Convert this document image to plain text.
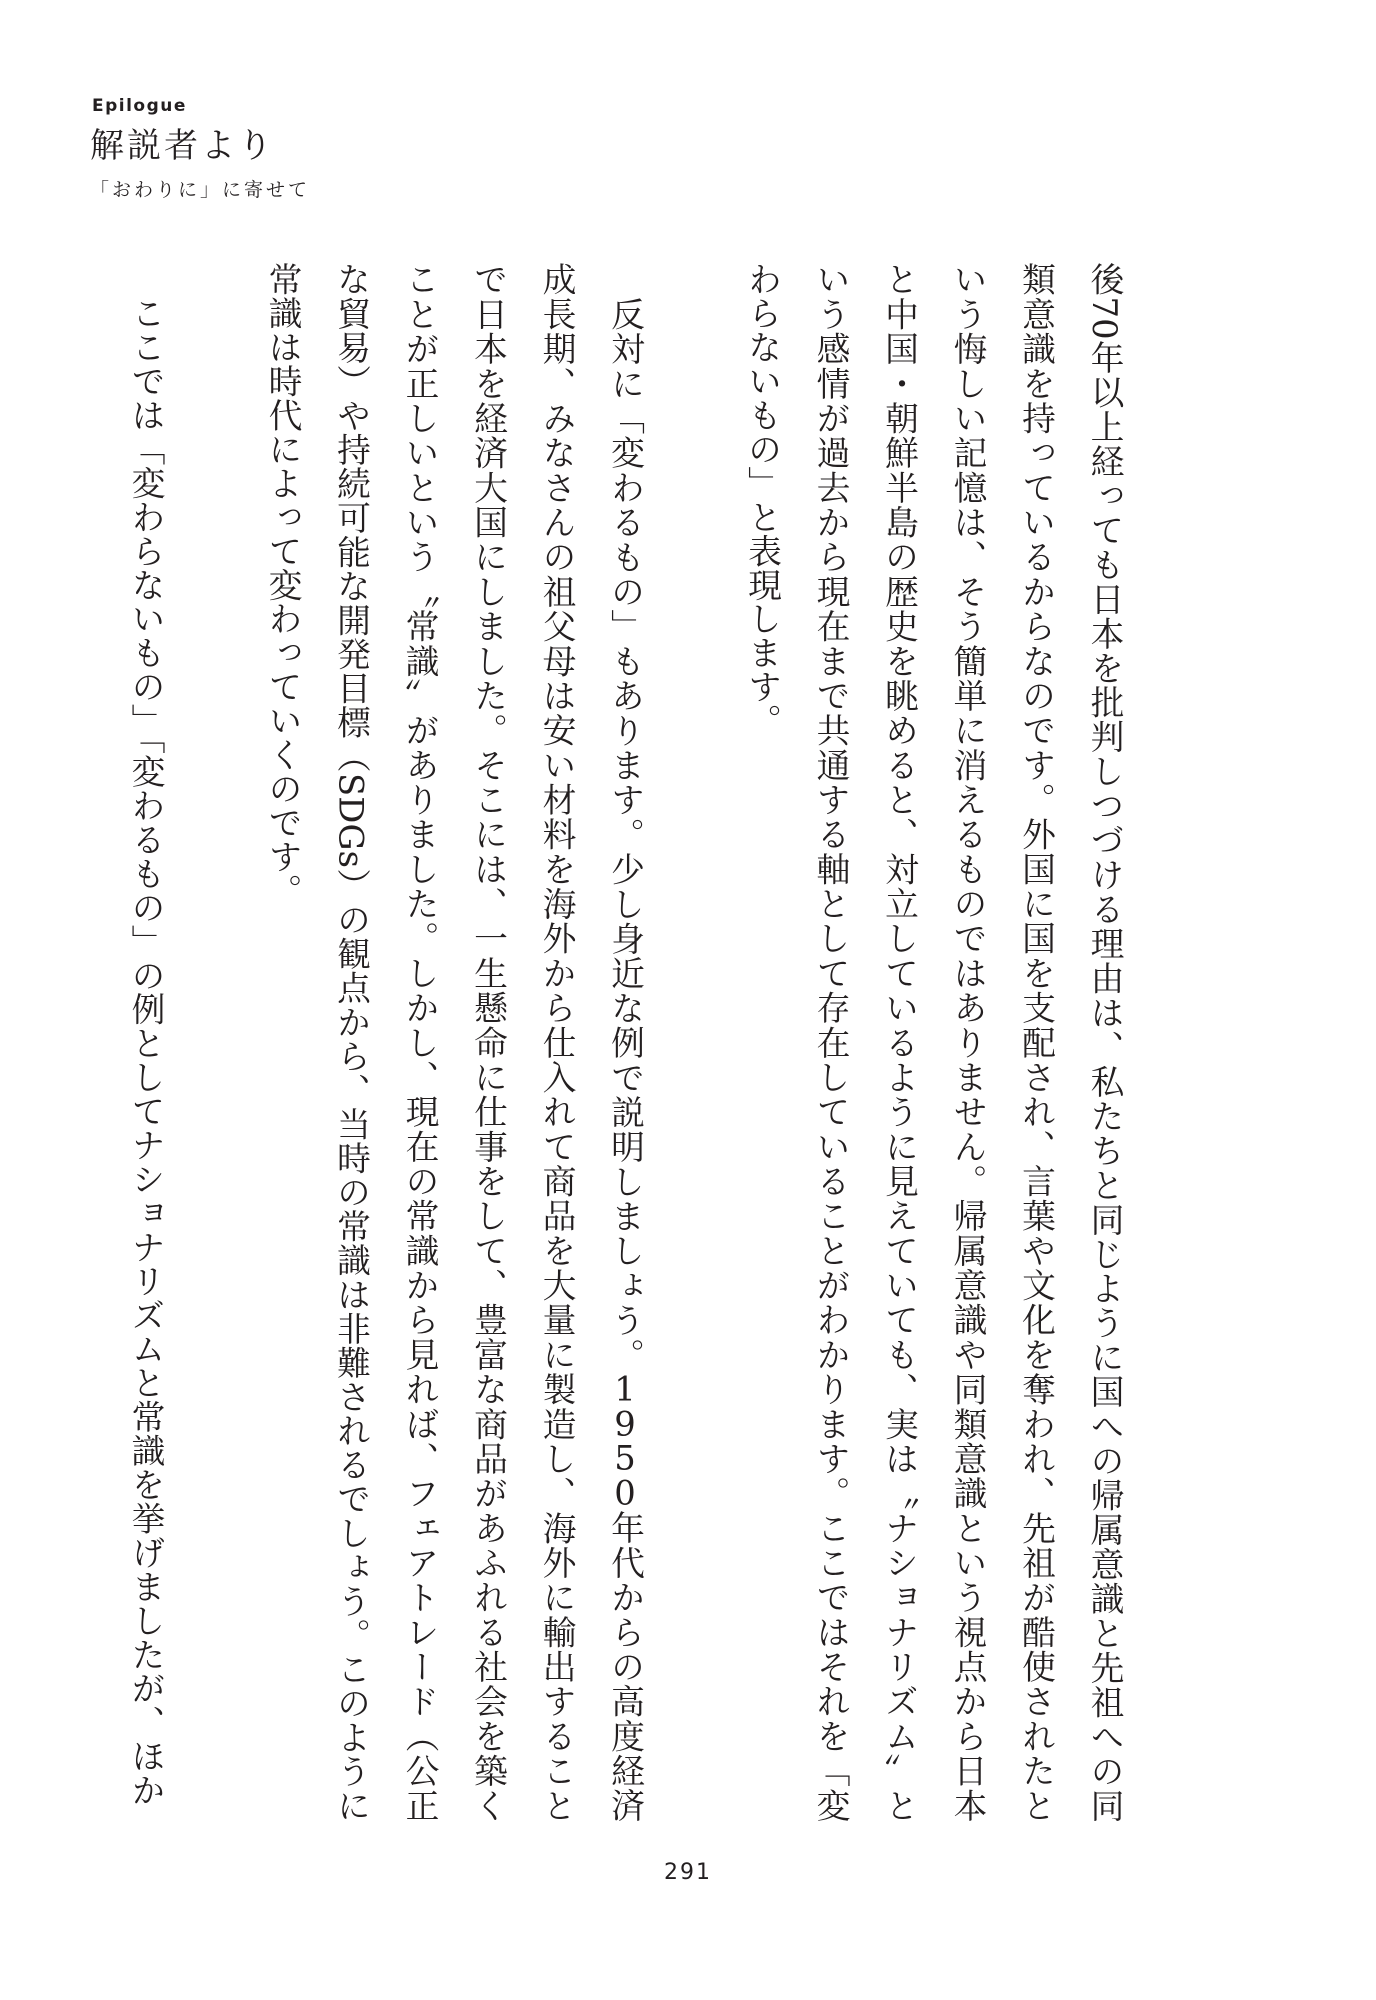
Epilogue
解説者より
「おわりに」に寄せて

後70年以上経っても日本を批判しつづける理由は、私たちと同じように国への帰属意識と先祖への同類意識を持っているからなのです。外国に国を支配され、言葉や文化を奪われ、先祖が酷使されたという悔しい記憶は、そう簡単に消えるものではありません。帰属意識や同類意識という視点から日本と中国・朝鮮半島の歴史を眺めると、対立しているように見えていても、実は〝ナショナリズム〟という感情が過去から現在まで共通する軸として存在していることがわかります。ここではそれを「変わらないもの」と表現します。

　反対に「変わるもの」もあります。少し身近な例で説明しましょう。1950年代からの高度経済成長期、みなさんの祖父母は安い材料を海外から仕入れて商品を大量に製造し、海外に輸出することで日本を経済大国にしました。そこには、一生懸命に仕事をして、豊富な商品があふれる社会を築くことが正しいという〝常識〟がありました。しかし、現在の常識から見れば、フェアトレード（公正な貿易）や持続可能な開発目標（SDGs）の観点から、当時の常識は非難されるでしょう。このように常識は時代によって変わっていくのです。

　ここでは「変わらないもの」「変わるもの」の例としてナショナリズムと常識を挙げましたが、ほか

291
